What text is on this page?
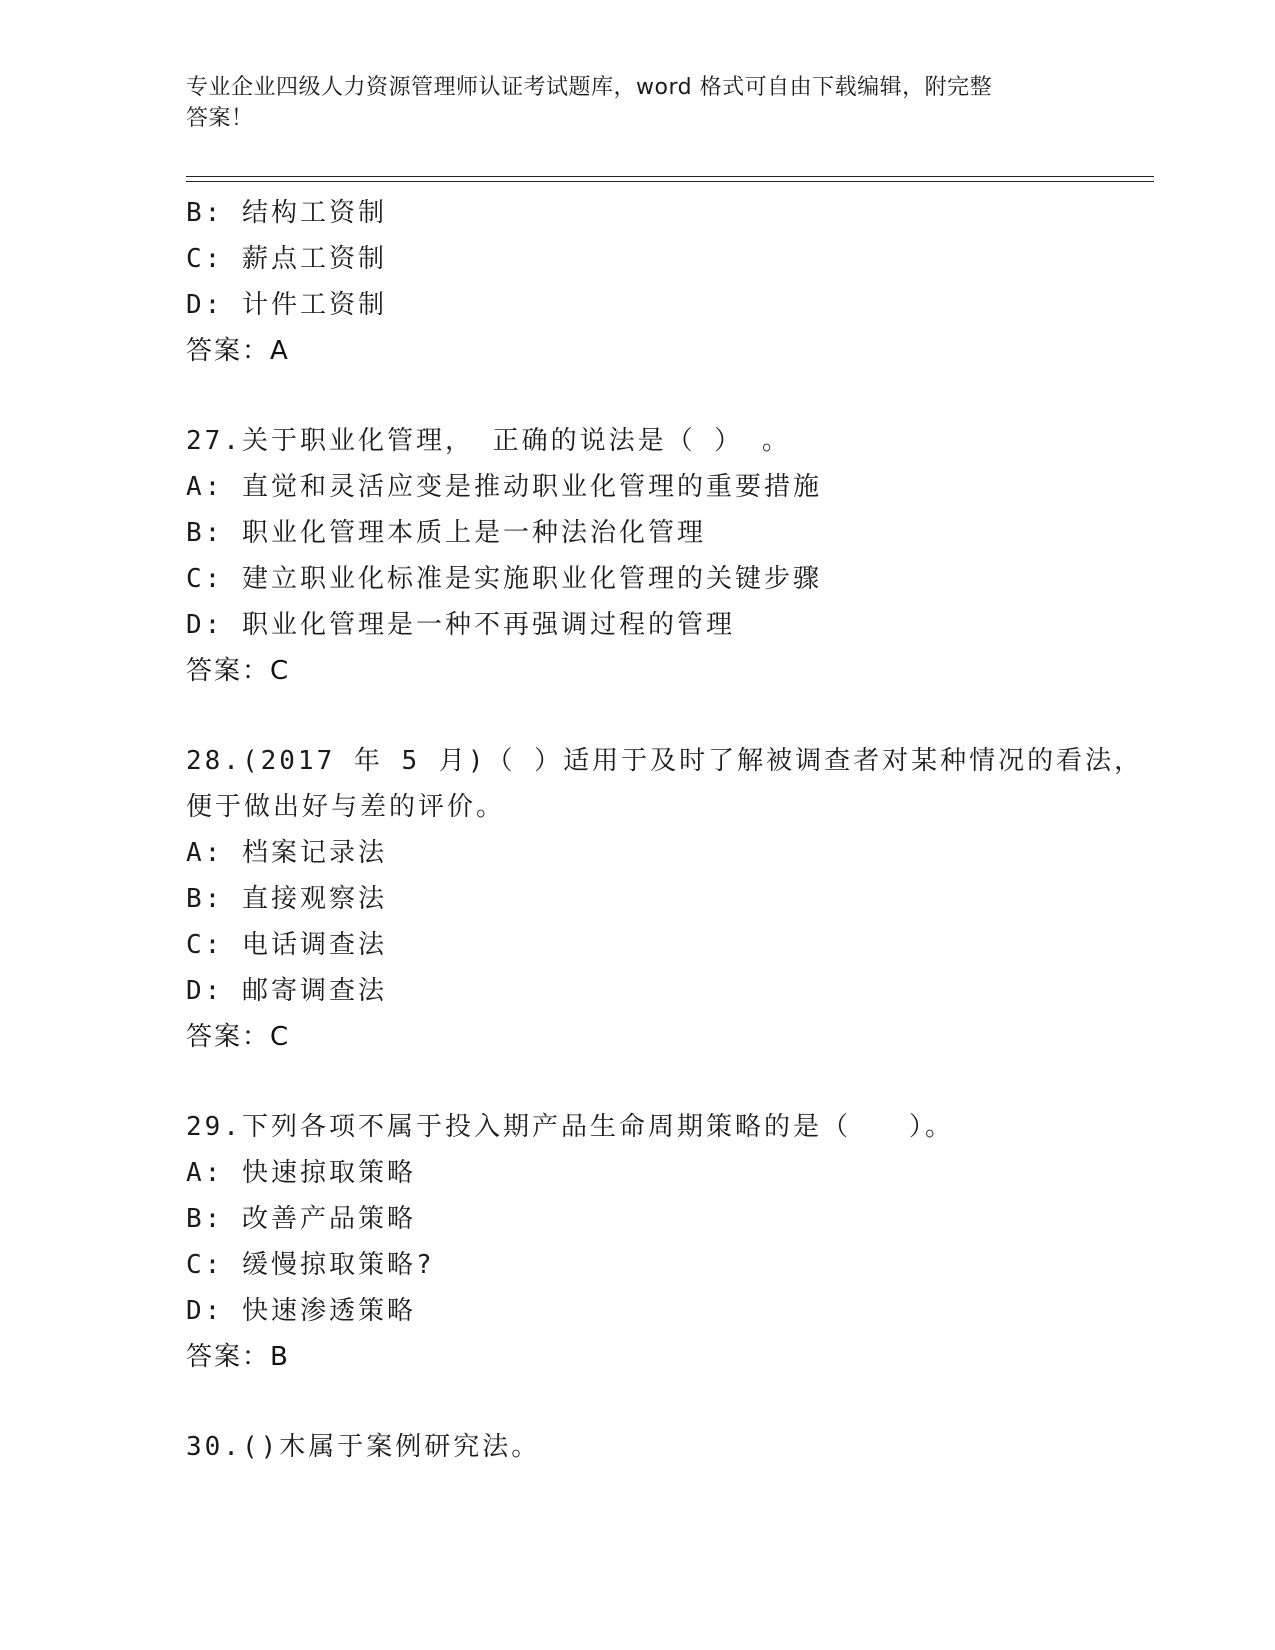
专业企业四级人力资源管理师认证考试题库，word 格式可自由下载编辑，附完整
答案！
B: 结构工资制
C: 薪点工资制
D: 计件工资制
答案：A
27.关于职业化管理， 正确的说法是（ ） 。
A: 直觉和灵活应变是推动职业化管理的重要措施
B: 职业化管理本质上是一种法治化管理
C: 建立职业化标准是实施职业化管理的关键步骤
D: 职业化管理是一种不再强调过程的管理
答案：C
28.(2017 年 5 月)（ ）适用于及时了解被调查者对某种情况的看法，
便于做出好与差的评价。
A: 档案记录法
B: 直接观察法
C: 电话调查法
D: 邮寄调查法
答案：C
29.下列各项不属于投入期产品生命周期策略的是（　　）。
A: 快速掠取策略
B: 改善产品策略
C: 缓慢掠取策略?
D: 快速渗透策略
答案：B
30.()木属于案例研究法。
